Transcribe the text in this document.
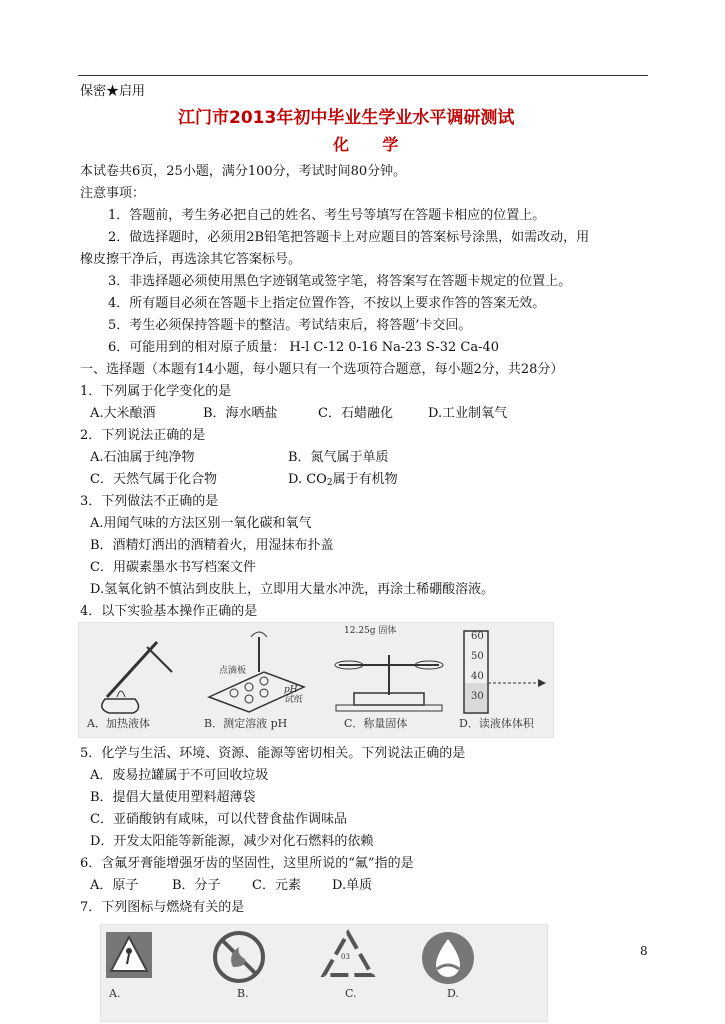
保密★启用
江门市2013年初中毕业生学业水平调研测试
化      学
本试卷共6页，25小题，满分100分，考试时间80分钟。
注意事项：
1．答题前，考生务必把自己的姓名、考生号等填写在答题卡相应的位置上。
2．做选择题时，必须用2B铅笔把答题卡上对应题目的答案标号涂黑，如需改动，用
橡皮擦干净后，再选涂其它答案标号。
3．非选择题必须使用黑色字迹钢笔或签字笔，将答案写在答题卡规定的位置上。
4．所有题目必须在答题卡上指定位置作答，不按以上要求作答的答案无效。
5．考生必须保持答题卡的整洁。考试结束后，将答题’卡交回。
6．可能用到的相对原子质量： H-l C-12 0-16 Na-23 S-32 Ca-40
一、选择题（本题有14小题，每小题只有一个选项符合题意，每小题2分，共28分）
1．下列属于化学变化的是
A.大米酿酒	B．海水晒盐	C．石蜡融化	D.工业制氧气
2．下列说法正确的是
A.石油属于纯净物	B．氮气属于单质
C．天然气属于化合物	D. $CO_2$属于有机物
3．下列做法不正确的是
A.用闻气味的方法区别一氧化碳和氧气
B．酒精灯洒出的酒精着火，用湿抹布扑盖
C．用碳素墨水书写档案文件
D.氢氧化钠不慎沾到皮肤上，立即用大量水冲洗，再涂土稀硼酸溶液。
4．以下实验基本操作正确的是
A．加热液体
点滴板
pH
试纸
B．测定溶液 pH
12.25g 固体
C．称量固体
60
50
40
30
D．读液体体积
5．化学与生活、环境、资源、能源等密切相关。下列说法正确的是
A．废易拉罐属于不可回收垃圾
B．提倡大量使用塑料超薄袋
C．亚硝酸钠有咸味，可以代替食盐作调味品
D．开发太阳能等新能源，减少对化石燃料的依赖
6．含氟牙膏能增强牙齿的坚固性，这里所说的“氟”指的是
A．原子	B．分子 C．元素 D.单质
7．下列图标与燃烧有关的是
A.	B.
03
C.	D.
8
